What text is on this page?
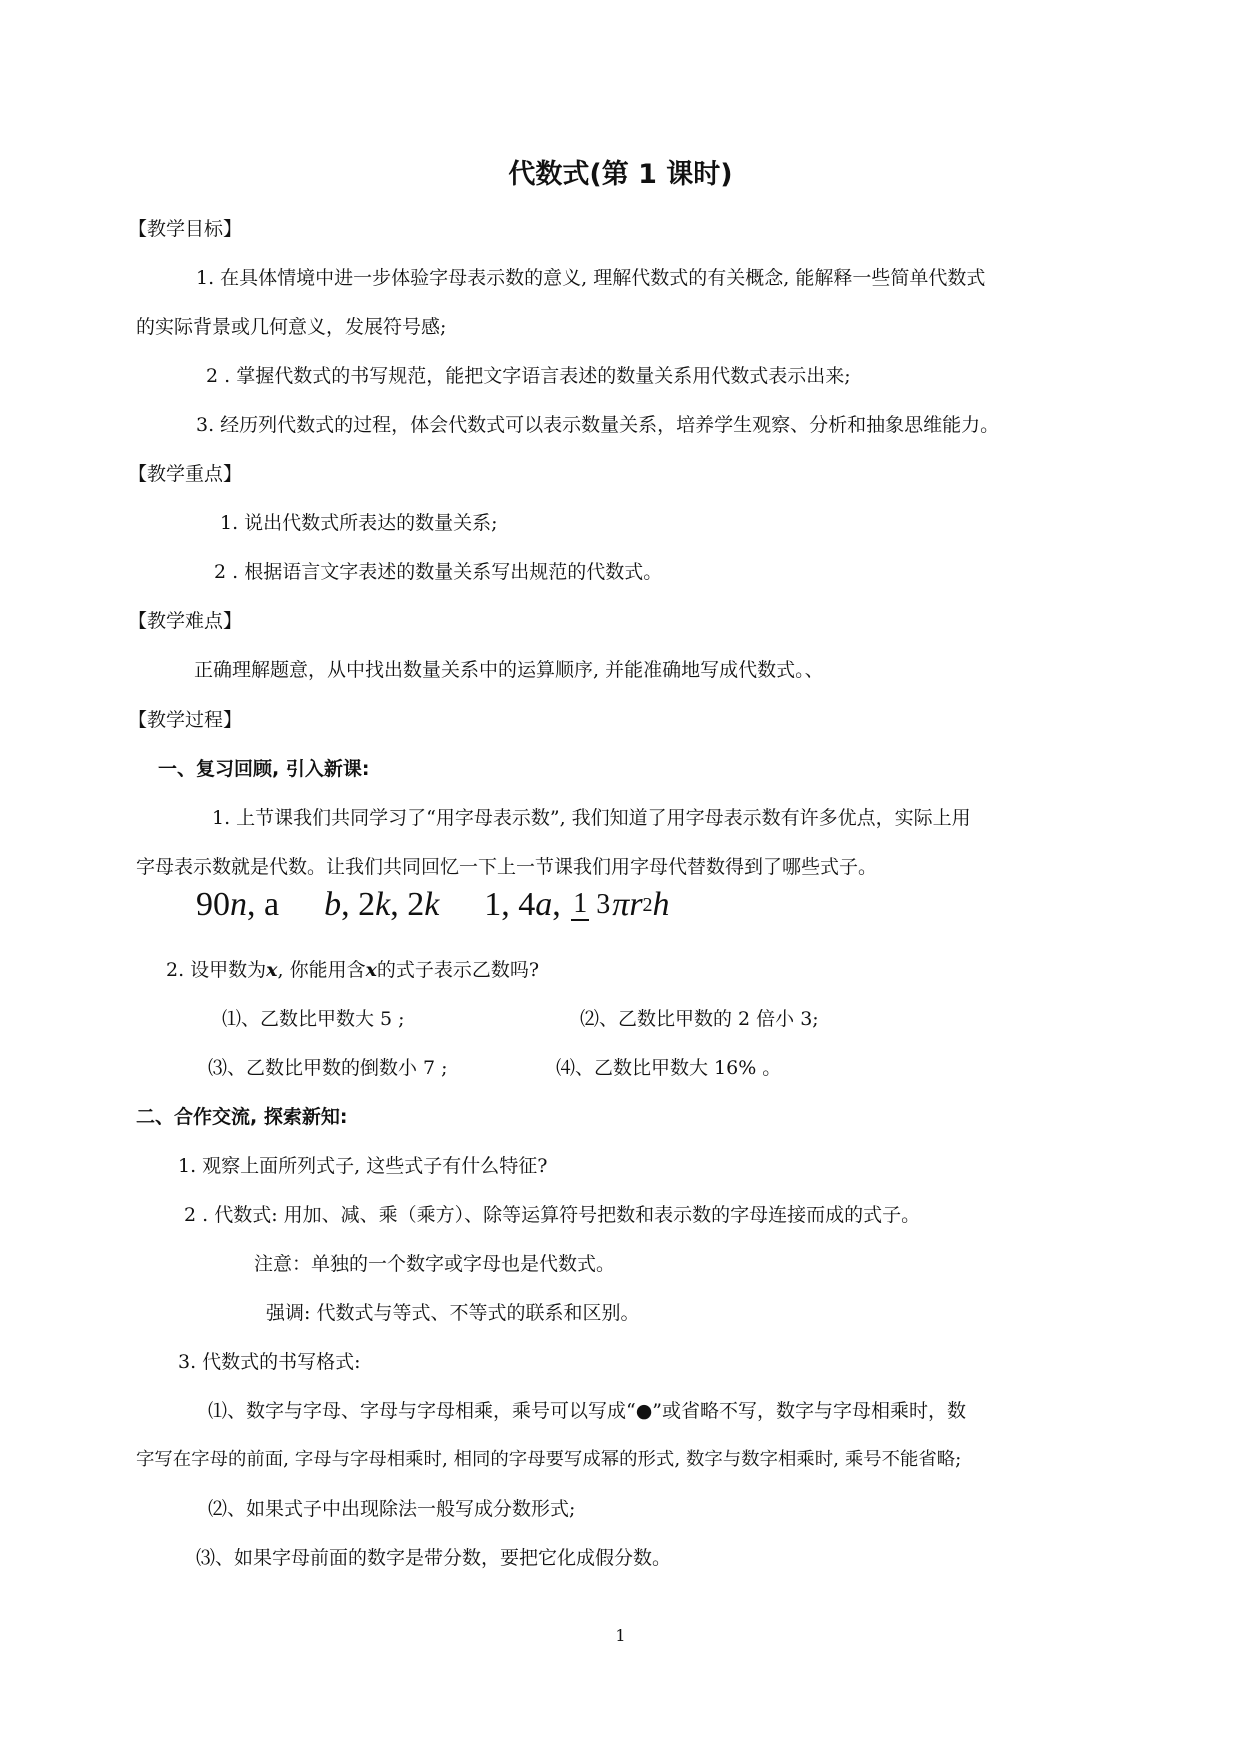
代数式(第 1 课时)
【教学目标】
1. 在具体情境中进一步体验字母表示数的意义, 理解代数式的有关概念, 能解释一些简单代数式
的实际背景或几何意义，发展符号感;
2 . 掌握代数式的书写规范，能把文字语言表述的数量关系用代数式表示出来;
3. 经历列代数式的过程，体会代数式可以表示数量关系，培养学生观察、分析和抽象思维能力。
【教学重点】
1. 说出代数式所表达的数量关系;
2 . 根据语言文字表述的数量关系写出规范的代数式。
【教学难点】
正确理解题意，从中找出数量关系中的运算顺序, 并能准确地写成代数式。、
【教学过程】
一、复习回顾, 引入新课:
1. 上节课我们共同学习了“用字母表示数”, 我们知道了用字母表示数有许多优点，实际上用
字母表示数就是代数。让我们共同回忆一下上一节课我们用字母代替数得到了哪些式子。
90n, a b, 2k, 2k 1, 4a, 1 3πr2h
2. 设甲数为x, 你能用含x的式子表示乙数吗?
⑴、乙数比甲数大 5 ;	⑵、乙数比甲数的 2 倍小 3;
⑶、乙数比甲数的倒数小 7 ;	⑷、乙数比甲数大 16% 。
二、合作交流, 探索新知:
1. 观察上面所列式子, 这些式子有什么特征?
2 . 代数式: 用加、减、乘（乘方）、除等运算符号把数和表示数的字母连接而成的式子。
注意：单独的一个数字或字母也是代数式。
强调: 代数式与等式、不等式的联系和区别。
3. 代数式的书写格式:
⑴、数字与字母、字母与字母相乘，乘号可以写成“●”或省略不写，数字与字母相乘时，数
字写在字母的前面, 字母与字母相乘时, 相同的字母要写成幂的形式, 数字与数字相乘时, 乘号不能省略;
⑵、如果式子中出现除法一般写成分数形式;
⑶、如果字母前面的数字是带分数，要把它化成假分数。
1
